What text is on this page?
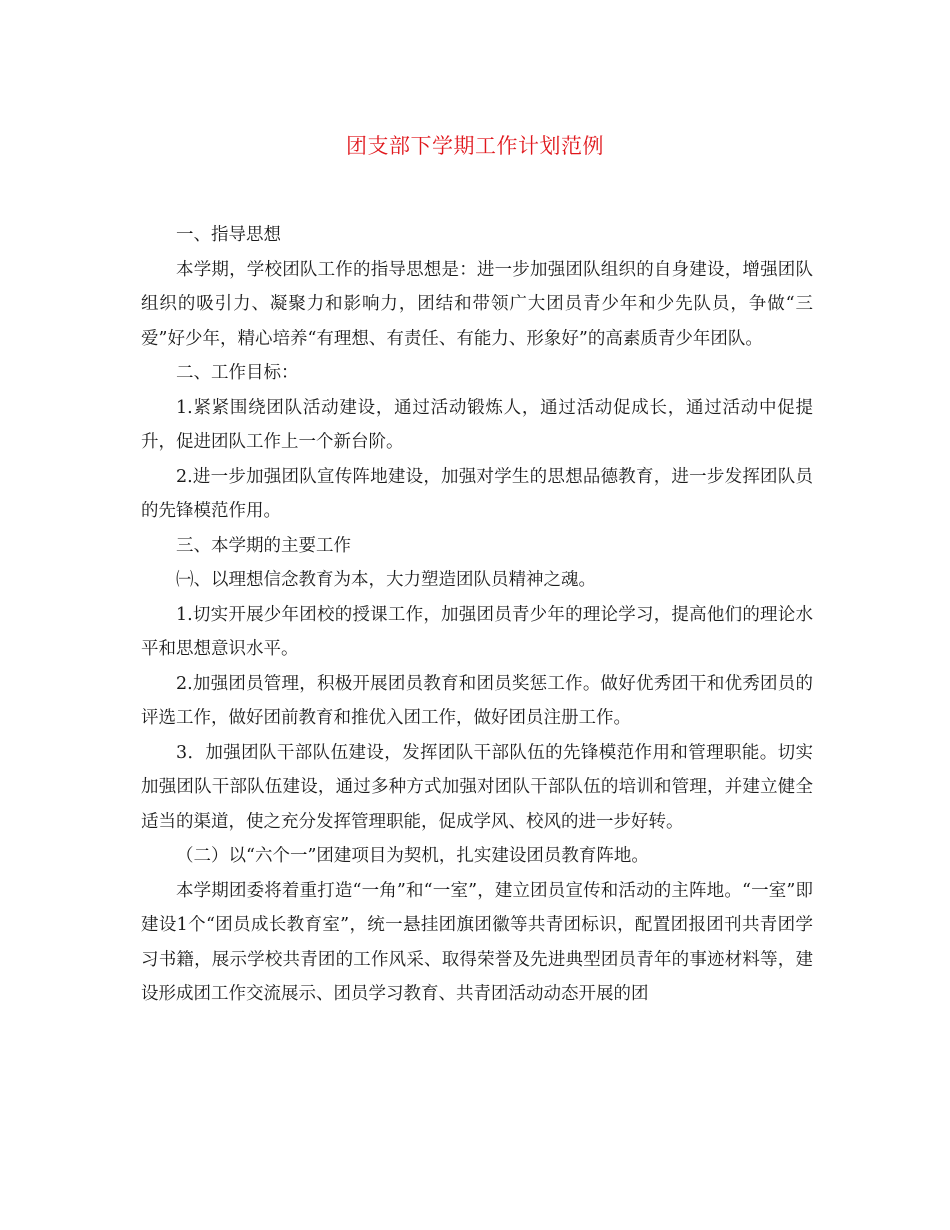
团支部下学期工作计划范例

一、指导思想

本学期，学校团队工作的指导思想是：进一步加强团队组织的自身建设，增强团队组织的吸引力、凝聚力和影响力，团结和带领广大团员青少年和少先队员，争做“三爱”好少年，精心培养“有理想、有责任、有能力、形象好”的高素质青少年团队。

二、工作目标：

1.紧紧围绕团队活动建设，通过活动锻炼人，通过活动促成长，通过活动中促提升，促进团队工作上一个新台阶。

2.进一步加强团队宣传阵地建设，加强对学生的思想品德教育，进一步发挥团队员的先锋模范作用。

三、本学期的主要工作

㈠、以理想信念教育为本，大力塑造团队员精神之魂。

1.切实开展少年团校的授课工作，加强团员青少年的理论学习，提高他们的理论水平和思想意识水平。

2.加强团员管理，积极开展团员教育和团员奖惩工作。做好优秀团干和优秀团员的评选工作，做好团前教育和推优入团工作，做好团员注册工作。

3．加强团队干部队伍建设，发挥团队干部队伍的先锋模范作用和管理职能。切实加强团队干部队伍建设，通过多种方式加强对团队干部队伍的培训和管理，并建立健全适当的渠道，使之充分发挥管理职能，促成学风、校风的进一步好转。

（二）以“六个一”团建项目为契机，扎实建设团员教育阵地。

本学期团委将着重打造“一角”和“一室”，建立团员宣传和活动的主阵地。“一室”即建设1个“团员成长教育室”，统一悬挂团旗团徽等共青团标识，配置团报团刊共青团学习书籍，展示学校共青团的工作风采、取得荣誉及先进典型团员青年的事迹材料等，建设形成团工作交流展示、团员学习教育、共青团活动动态开展的团
